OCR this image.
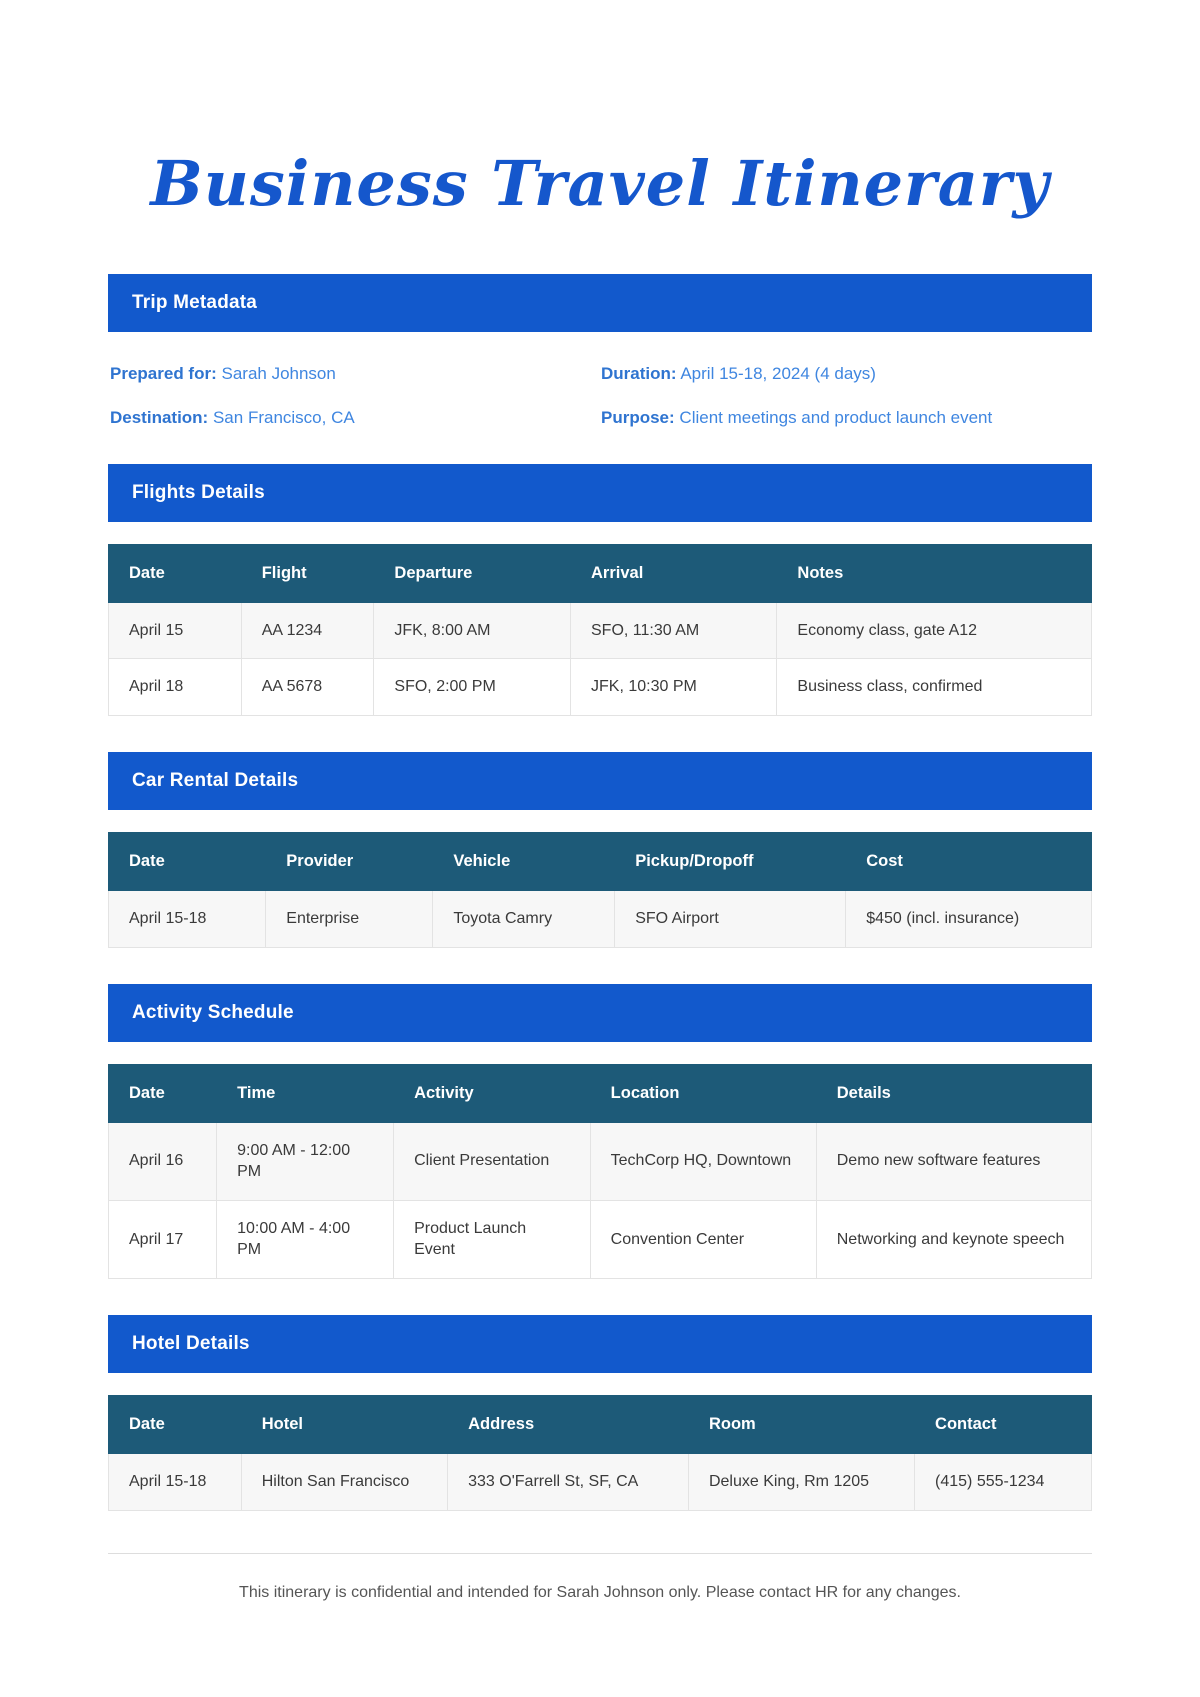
Business Travel Itinerary
Trip Metadata
Prepared for: Sarah Johnson	Duration: April 15-18, 2024 (4 days)
Destination: San Francisco, CA	Purpose: Client meetings and product launch event
Flights Details
Date	Flight	Departure	Arrival	Notes
April 15	AA 1234	JFK, 8:00 AM	SFO, 11:30 AM	Economy class, gate A12
April 18	AA 5678	SFO, 2:00 PM	JFK, 10:30 PM	Business class, confirmed
Car Rental Details
Date	Provider	Vehicle	Pickup/Dropoff	Cost
April 15-18	Enterprise	Toyota Camry	SFO Airport	$450 (incl. insurance)
Activity Schedule
Date	Time	Activity	Location	Details
April 16	9:00 AM - 12:00 PM	Client Presentation	TechCorp HQ, Downtown	Demo new software features
April 17	10:00 AM - 4:00 PM	Product Launch Event	Convention Center	Networking and keynote speech
Hotel Details
Date	Hotel	Address	Room	Contact
April 15-18	Hilton San Francisco	333 O'Farrell St, SF, CA	Deluxe King, Rm 1205	(415) 555-1234
This itinerary is confidential and intended for Sarah Johnson only. Please contact HR for any changes.
